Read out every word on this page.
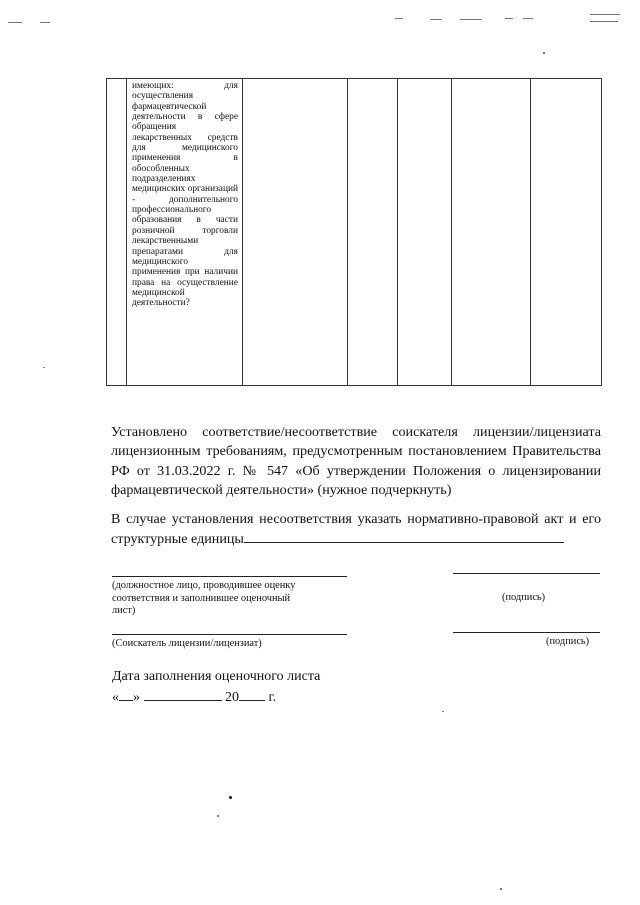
имеющих: для осуществления фармацевтической деятельности в сфере обращения лекарственных средств для медицинского применения в обособленных подразделениях медицинских организаций - дополнительного профессионального образования в части розничной торговли лекарственными препаратами для медицинского применения при наличии права на осуществление медицинской деятельности?

Установлено соответствие/несоответствие соискателя лицензии/лицензиата лицензионным требованиям, предусмотренным постановлением Правительства РФ от 31.03.2022 г. № 547 «Об утверждении Положения о лицензировании фармацевтической деятельности» (нужное подчеркнуть)
В случае установления несоответствия указать нормативно-правовой акт и его структурные единицы
(должностное лицо, проводившее оценку соответствия и заполнившее оценочный лист)
(подпись)
(Соискатель лицензии/лицензиат)	(подпись)
Дата заполнения оценочного листа
« »	20 г.
